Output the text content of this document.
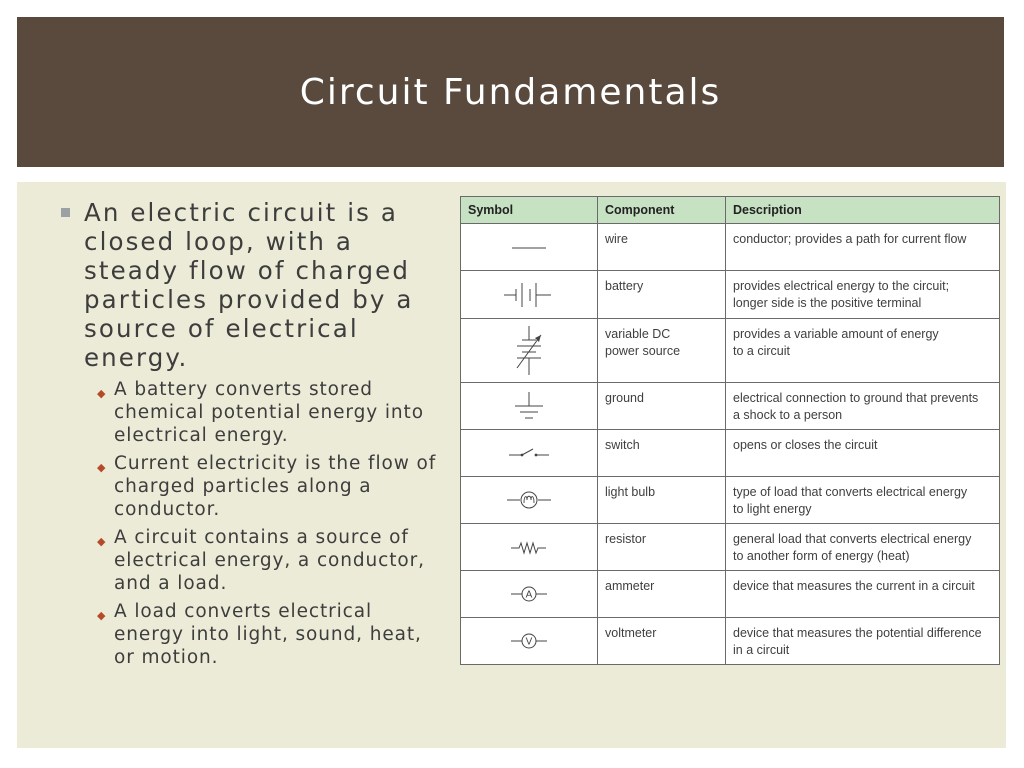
Circuit Fundamentals
An electric circuit is a closed loop, with a steady flow of charged particles provided by a source of electrical energy.
◆ A battery converts stored chemical potential energy into electrical energy.
◆ Current electricity is the flow of charged particles along a conductor.
◆ A circuit contains a source of electrical energy, a conductor, and a load.
◆ A load converts electrical energy into light, sound, heat, or motion.
Symbol	Component	Description

	wire	conductor; provides a path for current flow

	battery	provides electrical energy to the circuit;
longer side is the positive terminal

	variable DC
power source	provides a variable amount of energy
to a circuit

	ground	electrical connection to ground that prevents
a shock to a person

	switch	opens or closes the circuit

	light bulb	type of load that converts electrical energy
to light energy

	resistor	general load that converts electrical energy
to another form of energy (heat)

A	ammeter	device that measures the current in a circuit

V	voltmeter	device that measures the potential difference
in a circuit
